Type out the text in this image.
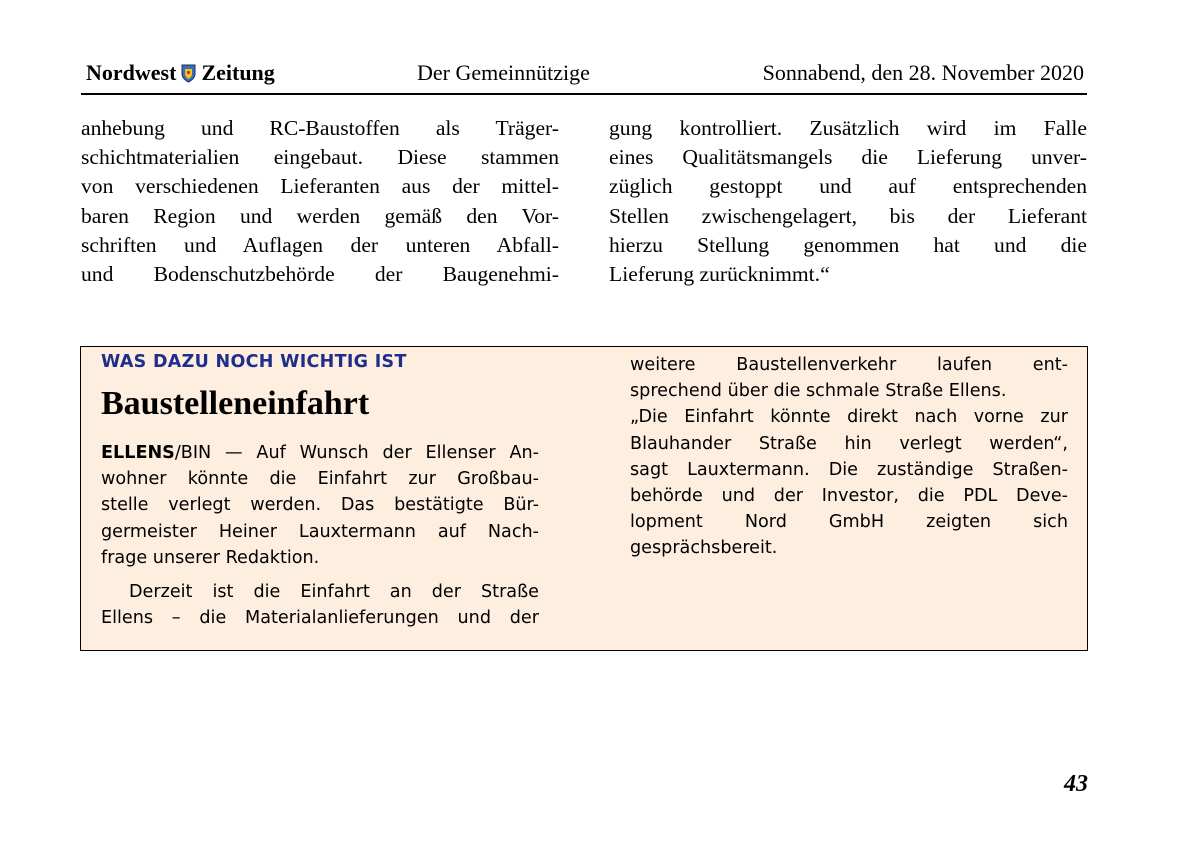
Nordwest Zeitung	Der Gemeinnützige	Sonnabend, den 28. November 2020
anhebung und RC-Baustoffen als Träger-
schichtmaterialien eingebaut. Diese stammen
von verschiedenen Lieferanten aus der mittel-
baren Region und werden gemäß den Vor-
schriften und Auflagen der unteren Abfall-
und Bodenschutzbehörde der Baugenehmi-
gung kontrolliert. Zusätzlich wird im Falle
eines Qualitätsmangels die Lieferung unver-
züglich gestoppt und auf entsprechenden
Stellen zwischengelagert, bis der Lieferant
hierzu Stellung genommen hat und die
Lieferung zurücknimmt.“
WAS DAZU NOCH WICHTIG IST
Baustelleneinfahrt
ELLENS/BIN — Auf Wunsch der Ellenser An-
wohner könnte die Einfahrt zur Großbau-
stelle verlegt werden. Das bestätigte Bür-
germeister Heiner Lauxtermann auf Nach-
frage unserer Redaktion.
Derzeit ist die Einfahrt an der Straße
Ellens – die Materialanlieferungen und der
weitere Baustellenverkehr laufen ent-
sprechend über die schmale Straße Ellens.
„Die Einfahrt könnte direkt nach vorne zur
Blauhander Straße hin verlegt werden“,
sagt Lauxtermann. Die zuständige Straßen-
behörde und der Investor, die PDL Deve-
lopment Nord GmbH zeigten sich
gesprächsbereit.
43
